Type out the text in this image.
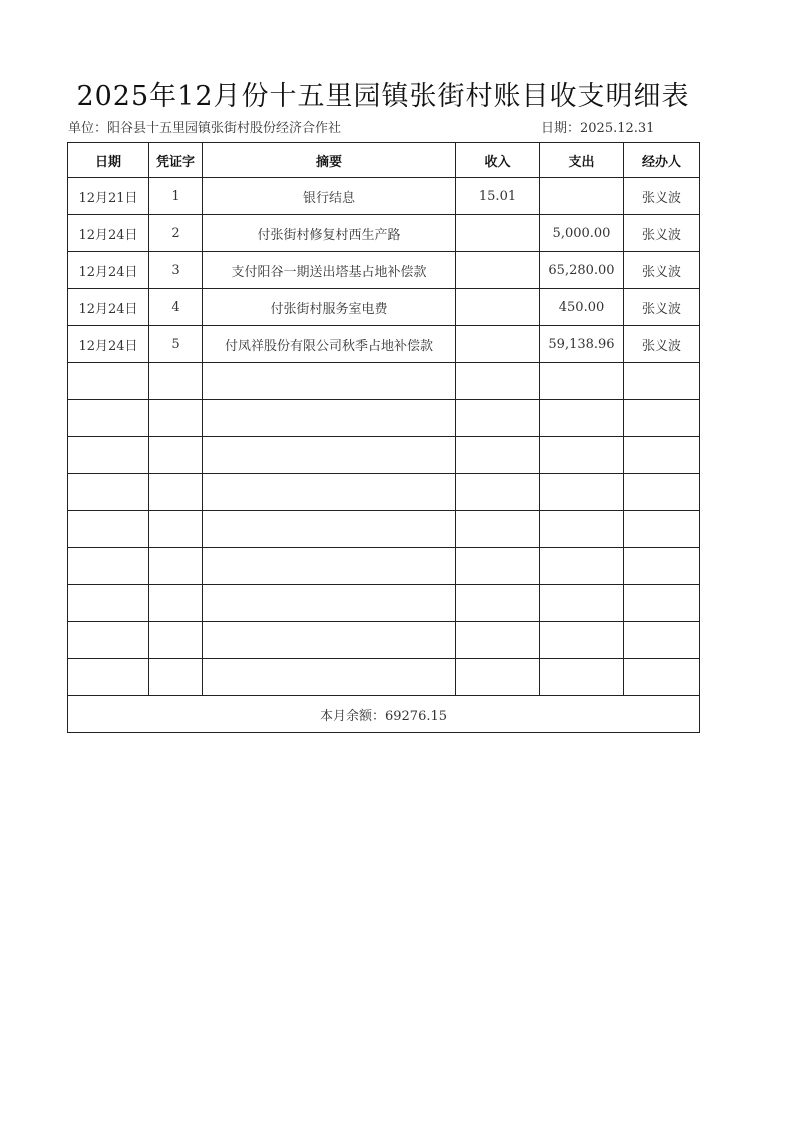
2025年12月份十五里园镇张街村账目收支明细表
单位：阳谷县十五里园镇张街村股份经济合作社	日期：2025.12.31
日期	凭证字	摘要	收入	支出	经办人
12月21日	1	银行结息	15.01		张义波
12月24日	2	付张街村修复村西生产路		5,000.00	张义波
12月24日	3	支付阳谷一期送出塔基占地补偿款		65,280.00	张义波
12月24日	4	付张街村服务室电费		450.00	张义波
12月24日	5	付凤祥股份有限公司秋季占地补偿款		59,138.96	张义波

本月余额：69276.15					
